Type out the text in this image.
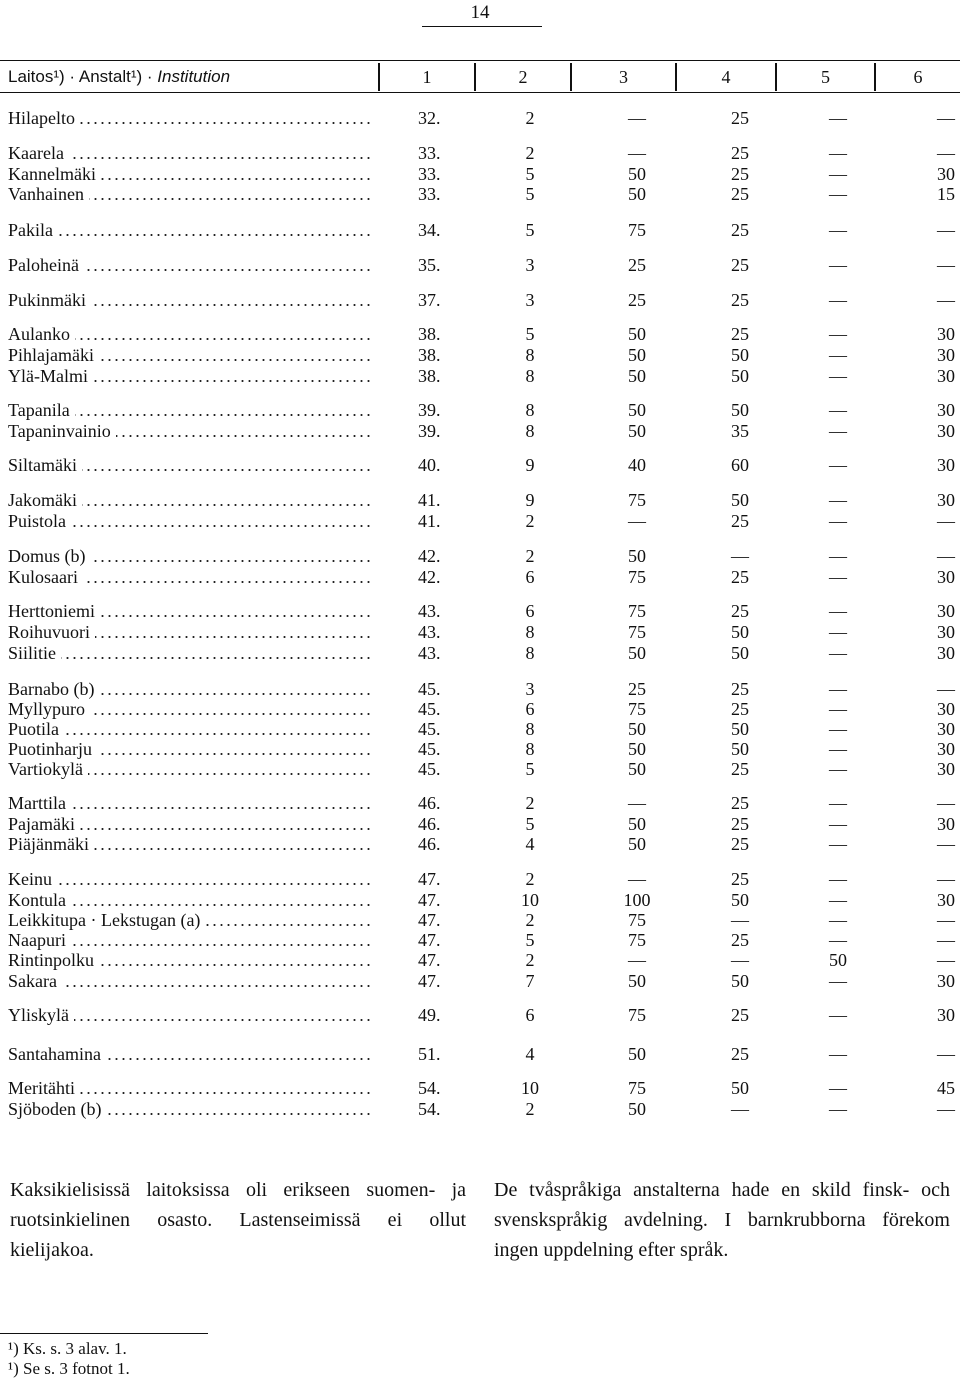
14
Laitos¹) · Anstalt¹) · Institution	1	2	3	4	5	6
Hilapelto	32.	2	—	25	—	—
Kaarela	33.	2	—	25	—	—
Kannelmäki	33.	5	50	25	—	30
Vanhainen	33.	5	50	25	—	15
Pakila	34.	5	75	25	—	—
Paloheinä	35.	3	25	25	—	—
Pukinmäki	37.	3	25	25	—	—
Aulanko	38.	5	50	25	—	30
Pihlajamäki	38.	8	50	50	—	30
Ylä-Malmi	38.	8	50	50	—	30
Tapanila	39.	8	50	50	—	30
Tapaninvainio	39.	8	50	35	—	30
Siltamäki	40.	9	40	60	—	30
Jakomäki	41.	9	75	50	—	30
Puistola	41.	2	—	25	—	—
Domus (b)	42.	2	50	—	—	—
Kulosaari	42.	6	75	25	—	30
Herttoniemi	43.	6	75	25	—	30
Roihuvuori	43.	8	75	50	—	30
Siilitie	43.	8	50	50	—	30
Barnabo (b)	45.	3	25	25	—	—
Myllypuro	45.	6	75	25	—	30
Puotila	45.	8	50	50	—	30
Puotinharju	45.	8	50	50	—	30
Vartiokylä	45.	5	50	25	—	30
Marttila	46.	2	—	25	—	—
Pajamäki	46.	5	50	25	—	30
Piäjänmäki	46.	4	50	25	—	—
Keinu	47.	2	—	25	—	—
Kontula	47.	10	100	50	—	30
Leikkitupa · Lekstugan (a)	47.	2	75	—	—	—
Naapuri	47.	5	75	25	—	—
Rintinpolku	47.	2	—	—	50	—
Sakara	47.	7	50	50	—	30
Yliskylä	49.	6	75	25	—	30
Santahamina	51.	4	50	25	—	—
Meritähti	54.	10	75	50	—	45
Sjöboden (b)	54.	2	50	—	—	—
Kaksikielisissä laitoksissa oli erikseen suomen- ja ruotsinkielinen osasto. Lastenseimissä ei ollut kielijakoa.
De tvåspråkiga anstalterna hade en skild finsk- och svenskspråkig avdelning. I barnkrubborna förekom ingen uppdelning efter språk.
¹) Ks. s. 3 alav. 1.
¹) Se s. 3 fotnot 1.
